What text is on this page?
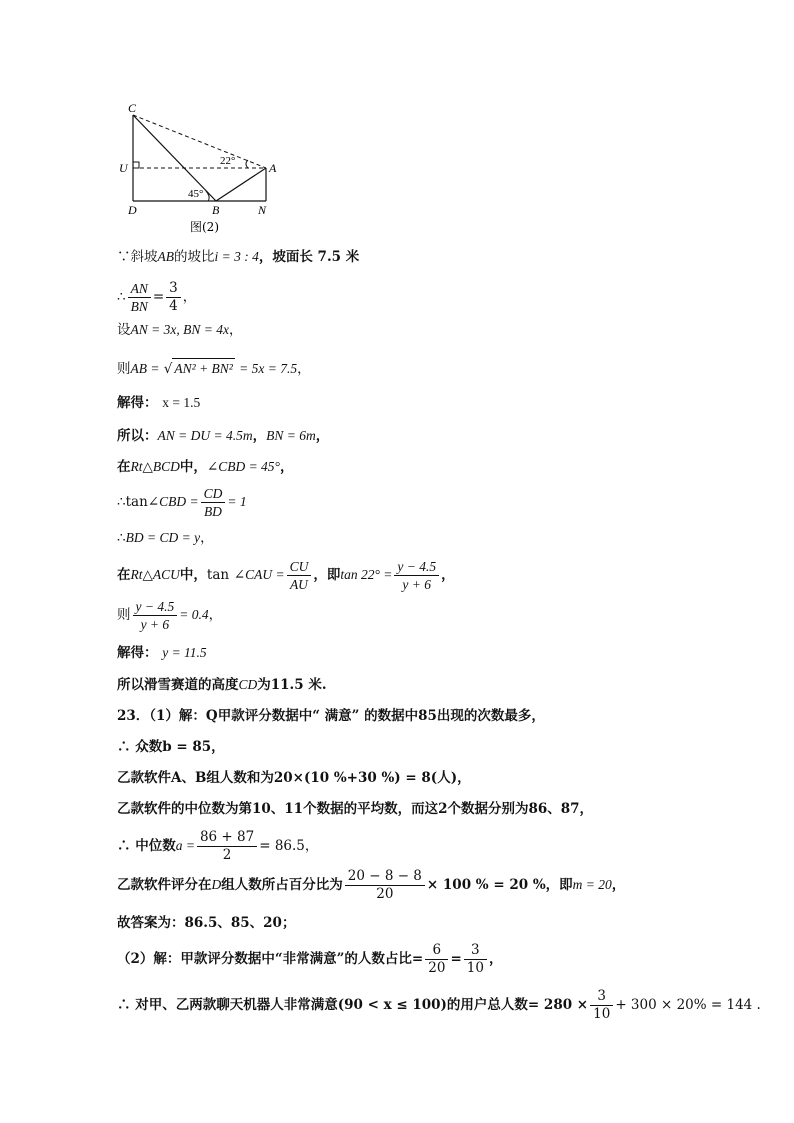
C
U	A
D	B	N
22°
45°
图(2)
∵斜坡AB的坡比i = 3 : 4，坡面长 7.5 米
∴ $\frac{AN}{BN} = \frac{3}{4}$ ，
设AN = 3x, BN = 4x，
则AB = √ AN² + BN² = 5x = 7.5，
解得： x = 1.5
所以：AN = DU = 4.5m，BN = 6m，
在Rt△BCD中，∠CBD = 45°，
∴tan∠CBD = $\frac{CD}{BD} = 1$
∴BD = CD = y，
在Rt△ACU中，tan ∠CAU = $\frac{CU}{AU}$ ，即$\tan 22^\circ = \frac{y - 4.5}{y + 6}$ ，
则 $\frac{y - 4.5}{y + 6} = 0.4$，
解得： y = 11.5
所以滑雪赛道的高度CD为11.5 米.
23．（1）解：Q甲款评分数据中“ 满意” 的数据中85出现的次数最多，
∴ 众数b = 85，
乙款软件A、B组人数和为20×(10 %+30 %) = 8(人)，
乙款软件的中位数为第10、11个数据的平均数，而这2个数据分别为86、87，
∴ 中位数$a = \frac{86 + 87}{2} = 86.5$，
乙款软件评分在D组人数所占百分比为 $\frac{20 - 8 - 8}{20} \times 100$ % = 20 %，即m = 20，
故答案为：86.5、85、20；
（2）解：甲款评分数据中“非常满意”的人数占比= $\frac{6}{20} = \frac{3}{10}$ ，
∴ 对甲、乙两款聊天机器人非常满意(90 < x ≤ 100)的用户总人数= $280 \times \frac{3}{10} + 300 \times 20\% = 144$ .
